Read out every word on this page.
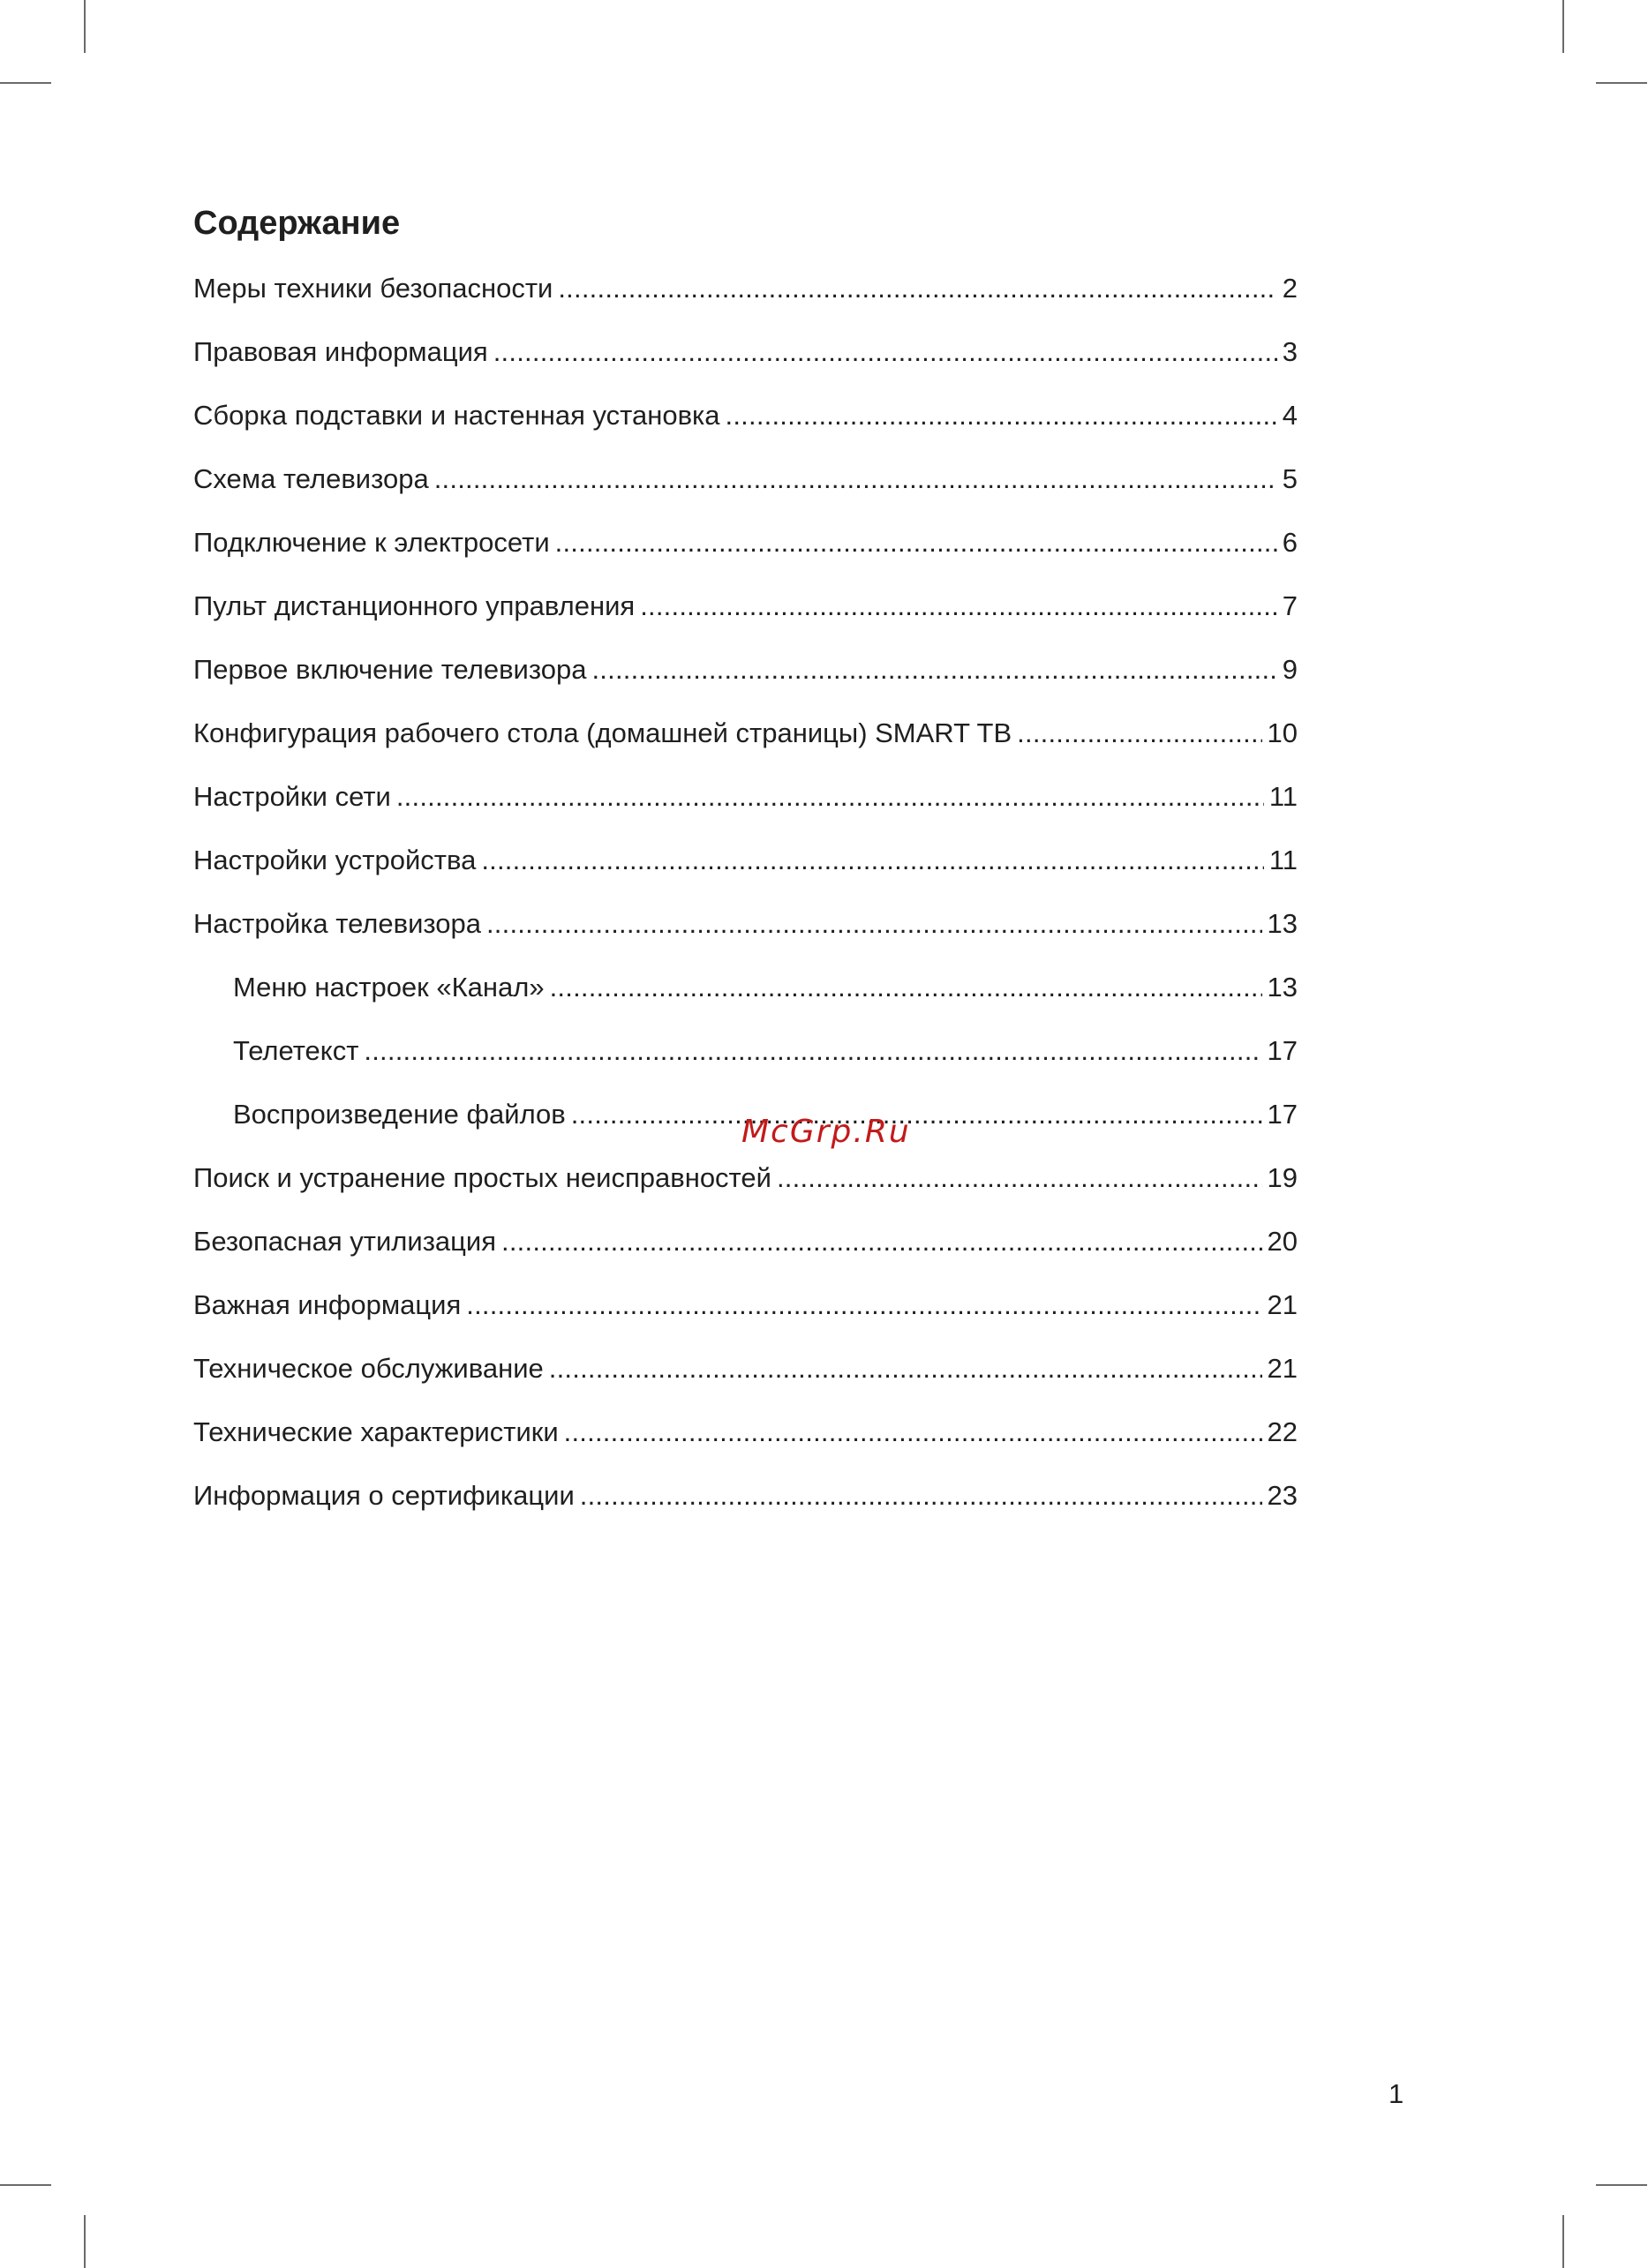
Содержание
Меры техники безопасности . . .	2
Правовая информация . . .	3
Сборка подставки и настенная установка . . .	4
Схема телевизора . . .	5
Подключение к электросети . . .	6
Пульт дистанционного управления . . .	7
Первое включение телевизора . . .	9
Конфигурация рабочего стола (домашней страницы) SMART TB . . .	10
Настройки сети . . .	11
Настройки устройства . . .	11
Настройка телевизора . . .	13
Меню настроек «Канал» . . .	13
Телетекст . . .	17
Воспроизведение файлов . . .	17
Поиск и устранение простых неисправностей . . .	19
Безопасная утилизация . . .	20
Важная информация . . .	21
Техническое обслуживание . . .	21
Технические характеристики . . .	22
Информация о сертификации . . .	23
McGrp.Ru
1
